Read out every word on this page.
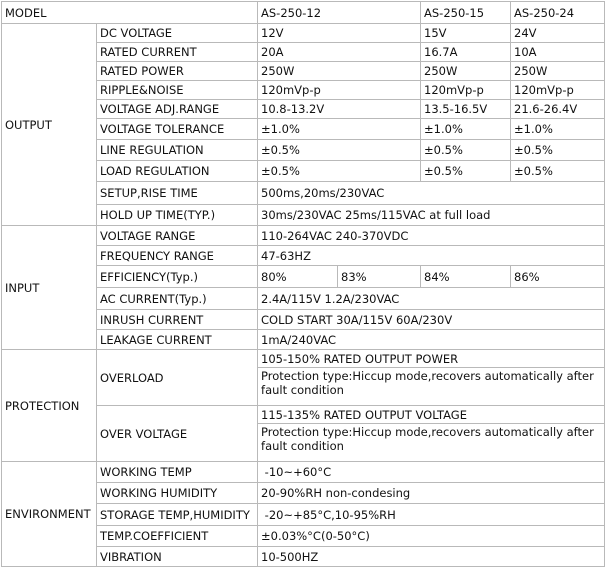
MODEL		AS-250-12		AS-250-15	AS-250-24
OUTPUT	DC VOLTAGE	12V		15V	24V
	RATED CURRENT	20A		16.7A	10A
	RATED POWER	250W		250W	250W
	RIPPLE&NOISE	120mVp-p		120mVp-p	120mVp-p
	VOLTAGE ADJ.RANGE	10.8-13.2V		13.5-16.5V	21.6-26.4V
	VOLTAGE TOLERANCE	±1.0%		±1.0%	±1.0%
	LINE REGULATION	±0.5%		±0.5%	±0.5%
	LOAD REGULATION	±0.5%		±0.5%	±0.5%
	SETUP,RISE TIME	500ms,20ms/230VAC			
	HOLD UP TIME(TYP.)	30ms/230VAC 25ms/115VAC at full load			
INPUT	VOLTAGE RANGE	110-264VAC 240-370VDC			
	FREQUENCY RANGE	47-63HZ			
	EFFICIENCY(Typ.)	80%	83%	84%	86%
	AC CURRENT(Typ.)	2.4A/115V 1.2A/230VAC			
	INRUSH CURRENT	COLD START 30A/115V 60A/230V			
	LEAKAGE CURRENT	1mA/240VAC			
PROTECTION	OVERLOAD	105-150% RATED OUTPUT POWER			
		Protection type:Hiccup mode,recovers automatically after fault condition			
	OVER VOLTAGE	115-135% RATED OUTPUT VOLTAGE			
		Protection type:Hiccup mode,recovers automatically after fault condition			
ENVIRONMENT	WORKING TEMP	-10~+60°C			
	WORKING HUMIDITY	20-90%RH non-condesing			
	STORAGE TEMP,HUMIDITY	-20~+85°C,10-95%RH			
	TEMP.COEFFICIENT	±0.03%°C(0-50°C)			
	VIBRATION	10-500HZ			
